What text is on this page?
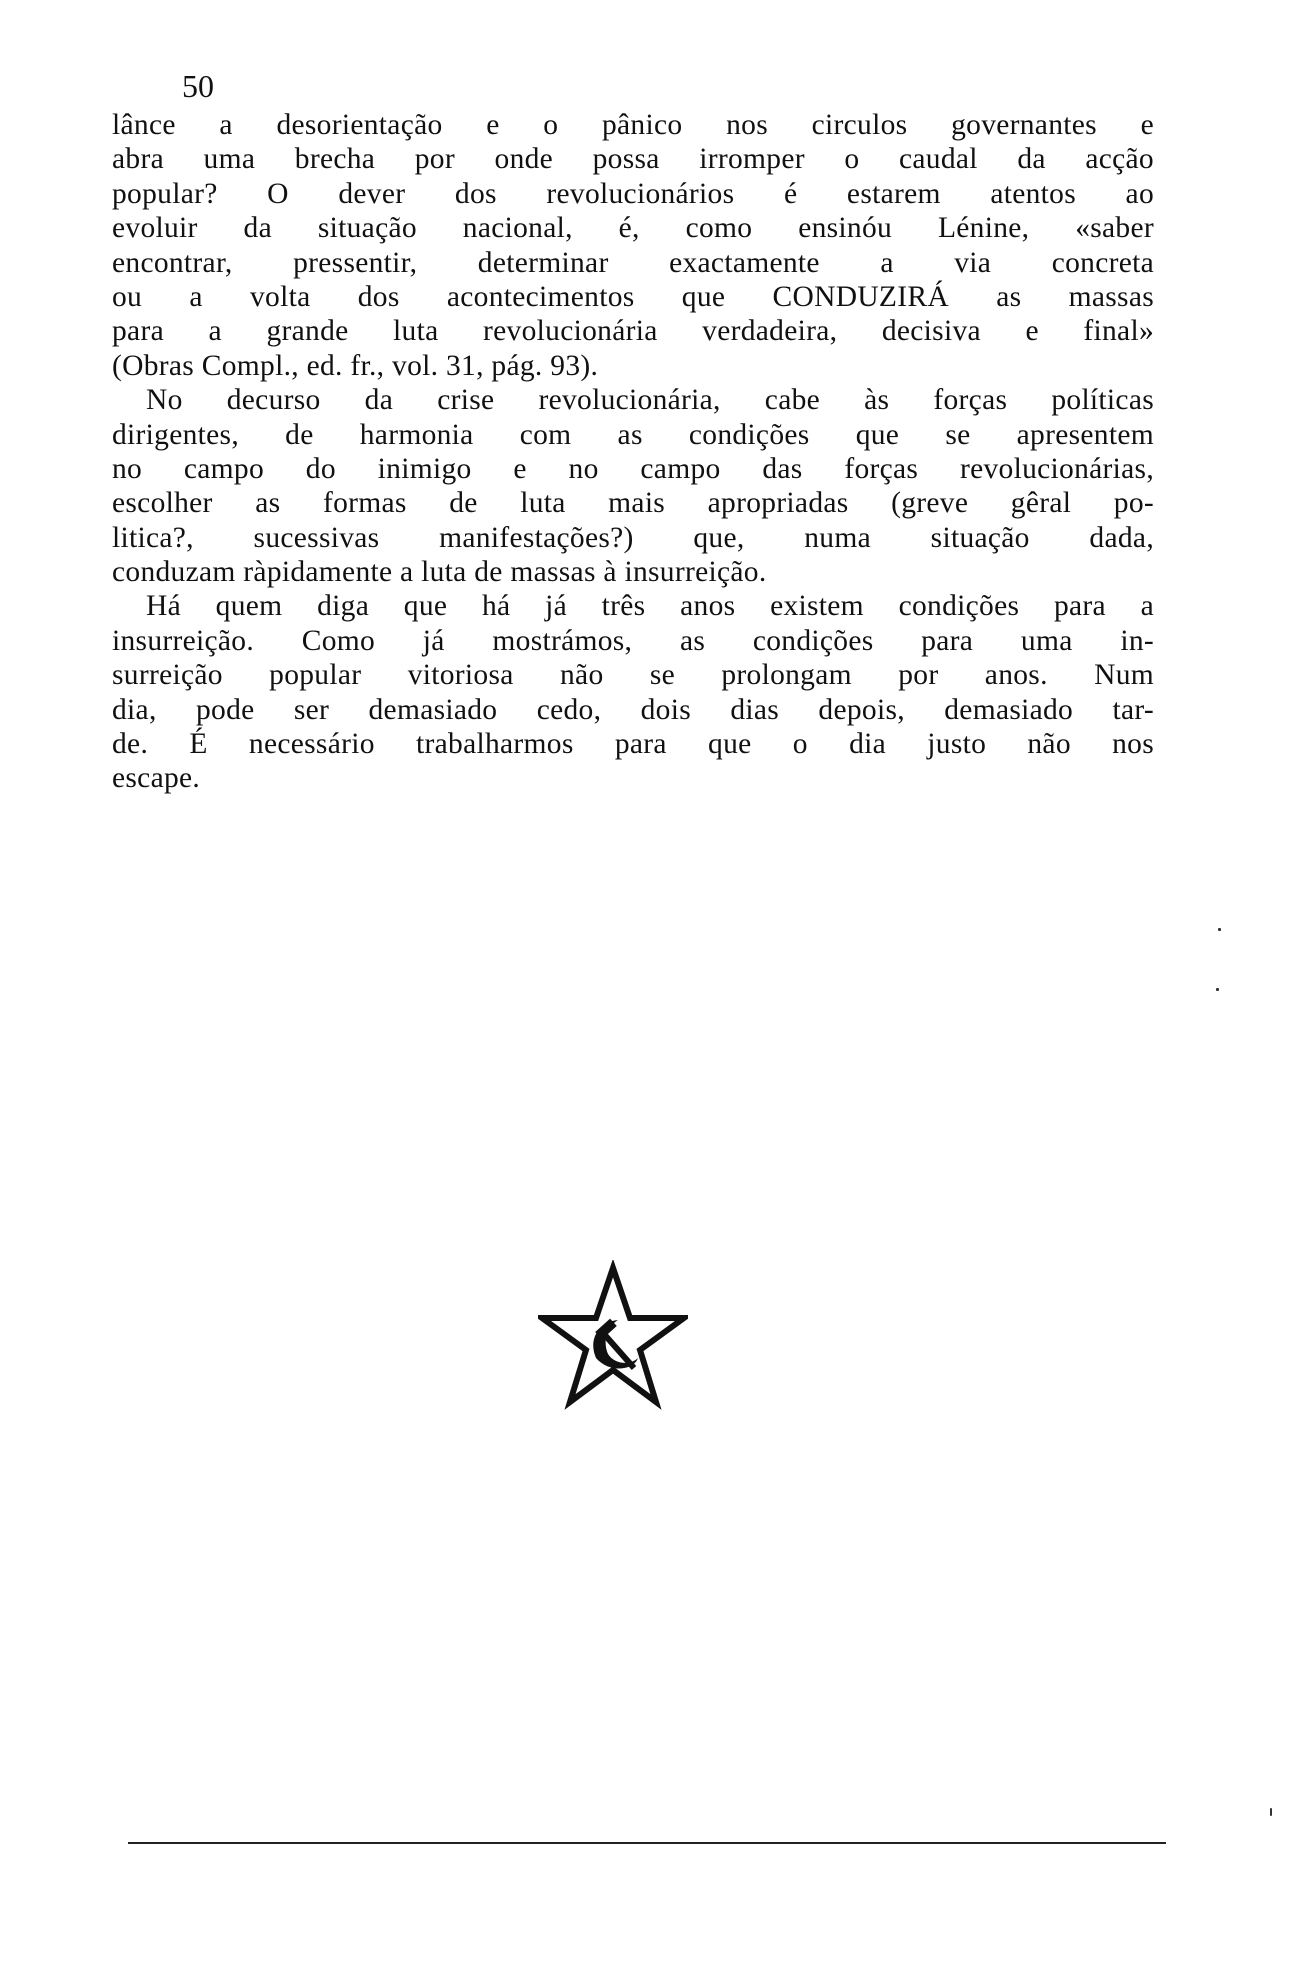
50
lânce a desorientação e o pânico nos circulos governantes e
abra uma brecha por onde possa irromper o caudal da acção
popular? O dever dos revolucionários é estarem atentos ao
evoluir da situação nacional, é, como ensinóu Lénine, «saber
encontrar, pressentir, determinar exactamente a via concreta
ou a volta dos acontecimentos que CONDUZIRÁ as massas
para a grande luta revolucionária verdadeira, decisiva e final»
(Obras Compl., ed. fr., vol. 31, pág. 93).
No decurso da crise revolucionária, cabe às forças políticas
dirigentes, de harmonia com as condições que se apresentem
no campo do inimigo e no campo das forças revolucionárias,
escolher as formas de luta mais apropriadas (greve gêral po-
litica?, sucessivas manifestações?) que, numa situação dada,
conduzam ràpidamente a luta de massas à insurreição.
Há quem diga que há já três anos existem condições para a
insurreição. Como já mostrámos, as condições para uma in-
surreição popular vitoriosa não se prolongam por anos. Num
dia, pode ser demasiado cedo, dois dias depois, demasiado tar-
de. É necessário trabalharmos para que o dia justo não nos
escape.
